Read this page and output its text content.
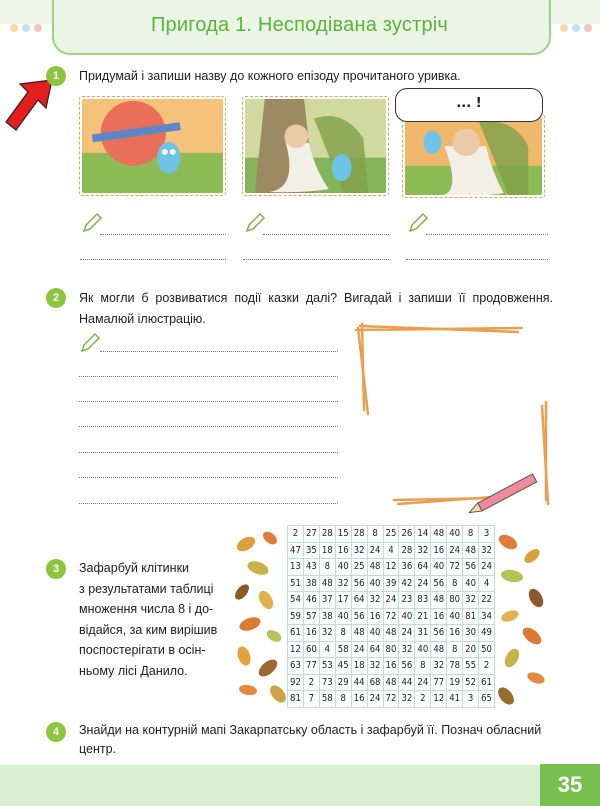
Пригода 1. Несподівана зустріч
1	Придумай і запиши назву до кожного епізоду прочитаного уривка.
... !
2	Як могли б розвиватися події казки далі? Вигадай і запиши її продовження. Намалюй ілюстрацію.
3	Зафарбуй клітинки
з результатами таблиці
множення числа 8 і до-
відайся, за ким вирішив
поспостерігати в осін-
ньому лісі Данило.
2	27	28	15	28	8	25	26	14	48	40	8	3
47	35	18	16	32	24	4	28	32	16	24	48	32
13	43	8	40	25	48	12	36	64	40	72	56	24
51	38	48	32	56	40	39	42	24	56	8	40	4
54	46	37	17	64	32	24	23	83	48	80	32	22
59	57	38	40	56	16	72	40	21	16	40	81	34
61	16	32	8	48	40	48	24	31	56	16	30	49
12	60	4	58	24	64	80	32	40	48	8	20	50
63	77	53	45	18	32	16	56	8	32	78	55	2
92	2	73	29	44	68	48	44	24	77	19	52	61
81	7	58	8	16	24	72	32	2	12	41	3	65
4	Знайди на контурній мапі Закарпатську область і зафарбуй її. Познач обласний центр.
35
